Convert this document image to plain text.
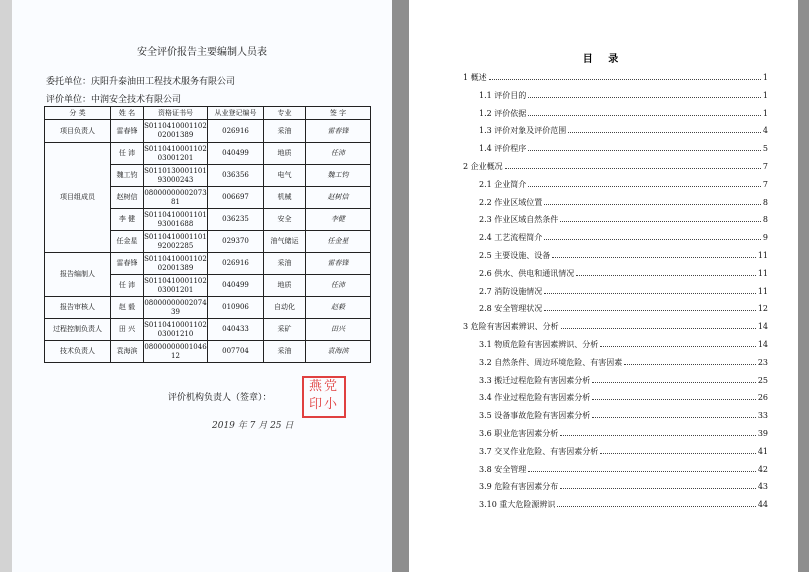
安全评价报告主要编制人员表
委托单位：庆阳升泰油田工程技术服务有限公司
评价单位：中润安全技术有限公司
分 类	姓 名	资格证书号	从业登记编号	专业	签 字
项目负责人	雷春锋	S011041000110202001389	026916	采油	雷春锋
项目组成员	任 沛	S011041000110203001201	040499	地质	任沛
	魏工钧	S011013000110193000243	036356	电气	魏工钧
	赵树信	0800000000207381	006697	机械	赵树信
	李 健	S011041000110193001688	036235	安全	李健
	任金星	S011041000110192002285	029370	油气储运	任金星
报告编制人	雷春锋	S011041000110202001389	026916	采油	雷春锋
	任 沛	S011041000110203001201	040499	地质	任沛
报告审核人	赵 毅	0800000000207439	010906	自动化	赵毅
过程控制负责人	田 兴	S011041000110203001210	040433	采矿	田兴
技术负责人	袁海滨	0800000000104612	007704	采油	袁海滨
评价机构负责人（签章）：
燕 党
印 小
2019 年 7 月 25 日
目 录
1 概述	1
1.1 评价目的	1
1.2 评价依据	1
1.3 评价对象及评价范围	4
1.4 评价程序	5
2 企业概况	7
2.1 企业简介	7
2.2 作业区域位置	8
2.3 作业区域自然条件	8
2.4 工艺流程简介	9
2.5 主要设施、设备	11
2.6 供水、供电和通讯情况	11
2.7 消防设施情况	11
2.8 安全管理状况	12
3 危险有害因素辨识、分析	14
3.1 物质危险有害因素辨识、分析	14
3.2 自然条件、周边环境危险、有害因素	23
3.3 搬迁过程危险有害因素分析	25
3.4 作业过程危险有害因素分析	26
3.5 设备事故危险有害因素分析	33
3.6 职业危害因素分析	39
3.7 交叉作业危险、有害因素分析	41
3.8 安全管理	42
3.9 危险有害因素分布	43
3.10 重大危险源辨识	44
